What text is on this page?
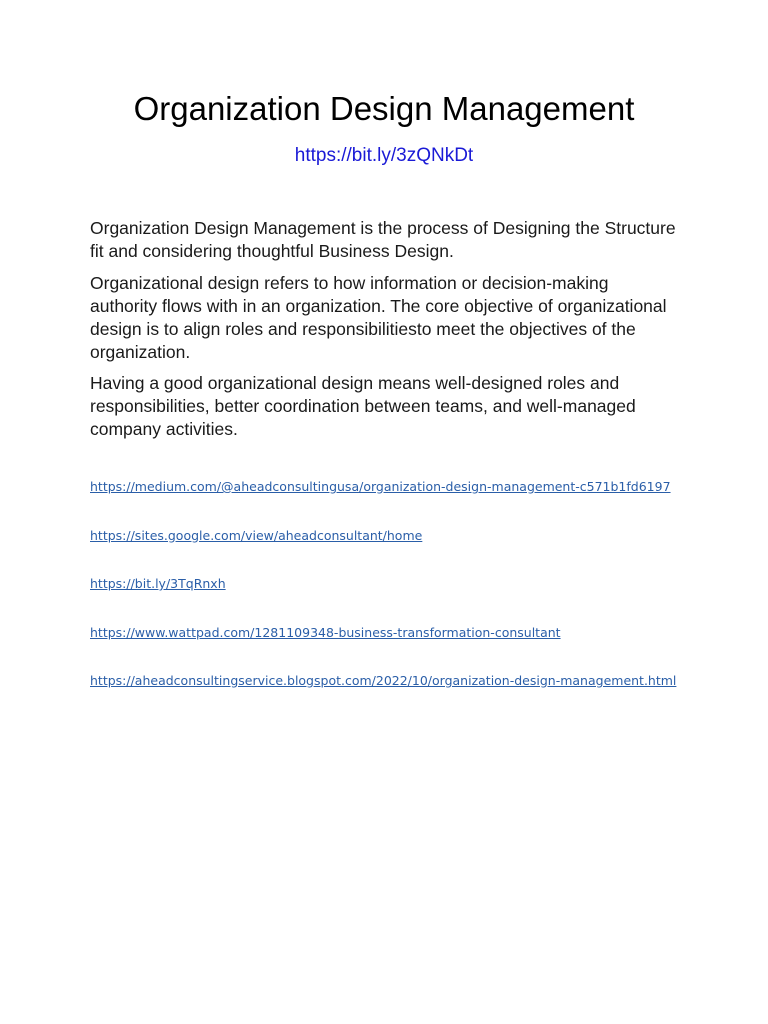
Organization Design Management
https://bit.ly/3zQNkDt

Organization Design Management is the process of Designing the Structure fit and considering thoughtful Business Design.

Organizational design refers to how information or decision-making authority flows with in an organization. The core objective of organizational design is to align roles and responsibilitiesto meet the objectives of the organization.

Having a good organizational design means well-designed roles and responsibilities, better coordination between teams, and well-managed company activities.

https://medium.com/@aheadconsultingusa/organization-design-management-c571b1fd6197
https://sites.google.com/view/aheadconsultant/home
https://bit.ly/3TqRnxh
https://www.wattpad.com/1281109348-business-transformation-consultant
https://aheadconsultingservice.blogspot.com/2022/10/organization-design-management.html
